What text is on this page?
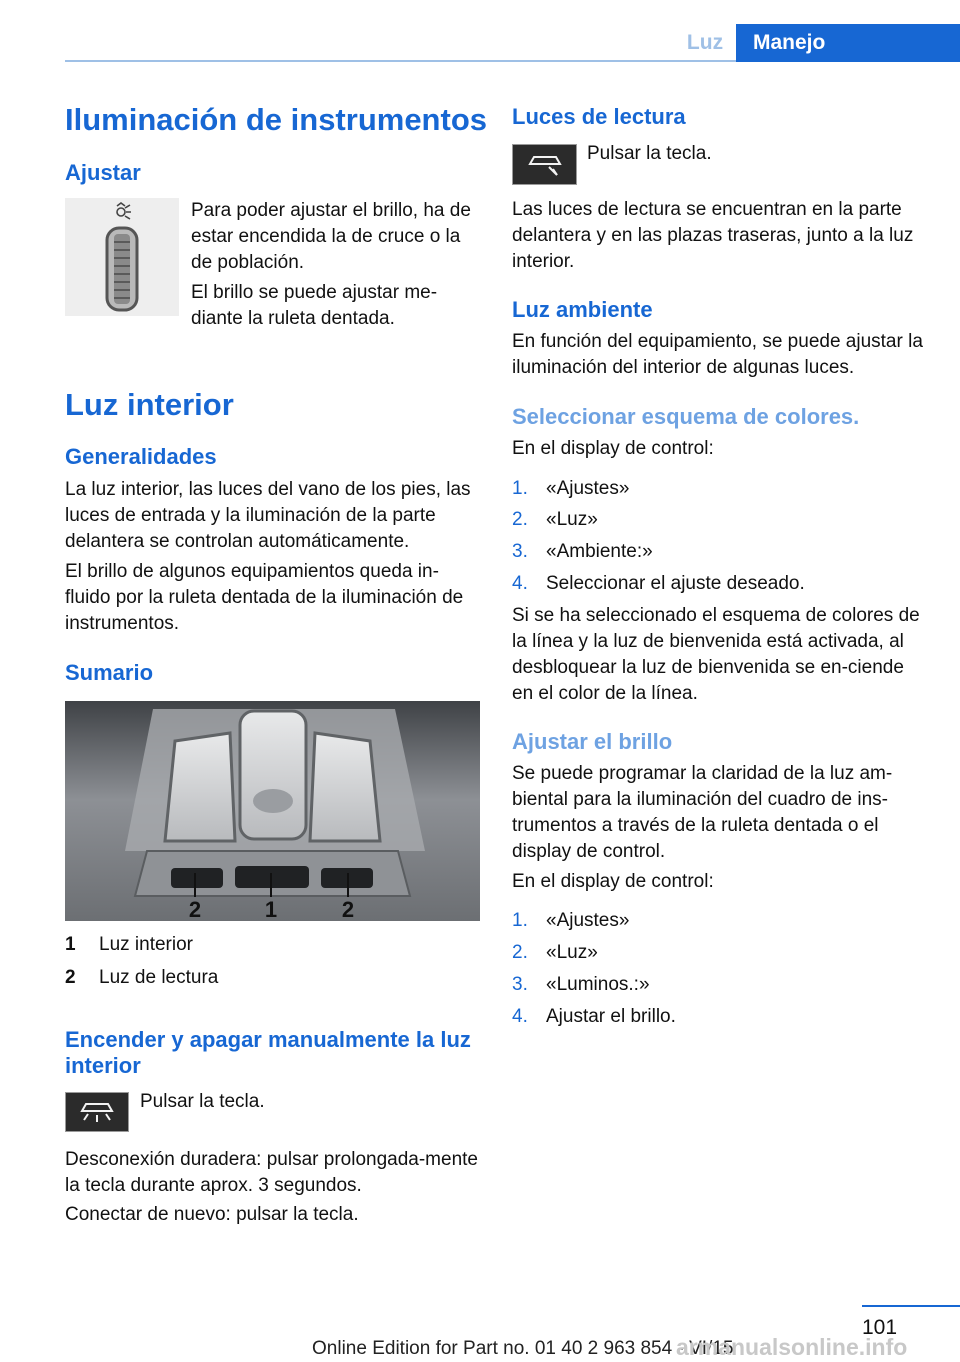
Luz	Manejo
Iluminación de instrumentos
Ajustar
Para poder ajustar el brillo, ha de estar encendida la de cruce o la de población.
El brillo se puede ajustar me‐diante la ruleta dentada.
Luz interior
Generalidades
La luz interior, las luces del vano de los pies, las luces de entrada y la iluminación de la parte delantera se controlan automáticamente.
El brillo de algunos equipamientos queda in‐fluido por la ruleta dentada de la iluminación de instrumentos.
Sumario
2	1	2
1	Luz interior
2	Luz de lectura
Encender y apagar manualmente la luz interior
Pulsar la tecla.
Desconexión duradera: pulsar prolongada‐mente la tecla durante aprox. 3 segundos.
Conectar de nuevo: pulsar la tecla.
Luces de lectura
Pulsar la tecla.
Las luces de lectura se encuentran en la parte delantera y en las plazas traseras, junto a la luz interior.
Luz ambiente
En función del equipamiento, se puede ajustar la iluminación del interior de algunas luces.
Seleccionar esquema de colores.
En el display de control:
1. «Ajustes»
2. «Luz»
3. «Ambiente:»
4. Seleccionar el ajuste deseado.
Si se ha seleccionado el esquema de colores de la línea y la luz de bienvenida está activada, al desbloquear la luz de bienvenida se en‐ciende en el color de la línea.
Ajustar el brillo
Se puede programar la claridad de la luz am‐biental para la iluminación del cuadro de ins‐trumentos a través de la ruleta dentada o el display de control.
En el display de control:
1. «Ajustes»
2. «Luz»
3. «Luminos.:»
4. Ajustar el brillo.
101
Online Edition for Part no. 01 40 2 963 854 - VI/15
armanualsonline.info
